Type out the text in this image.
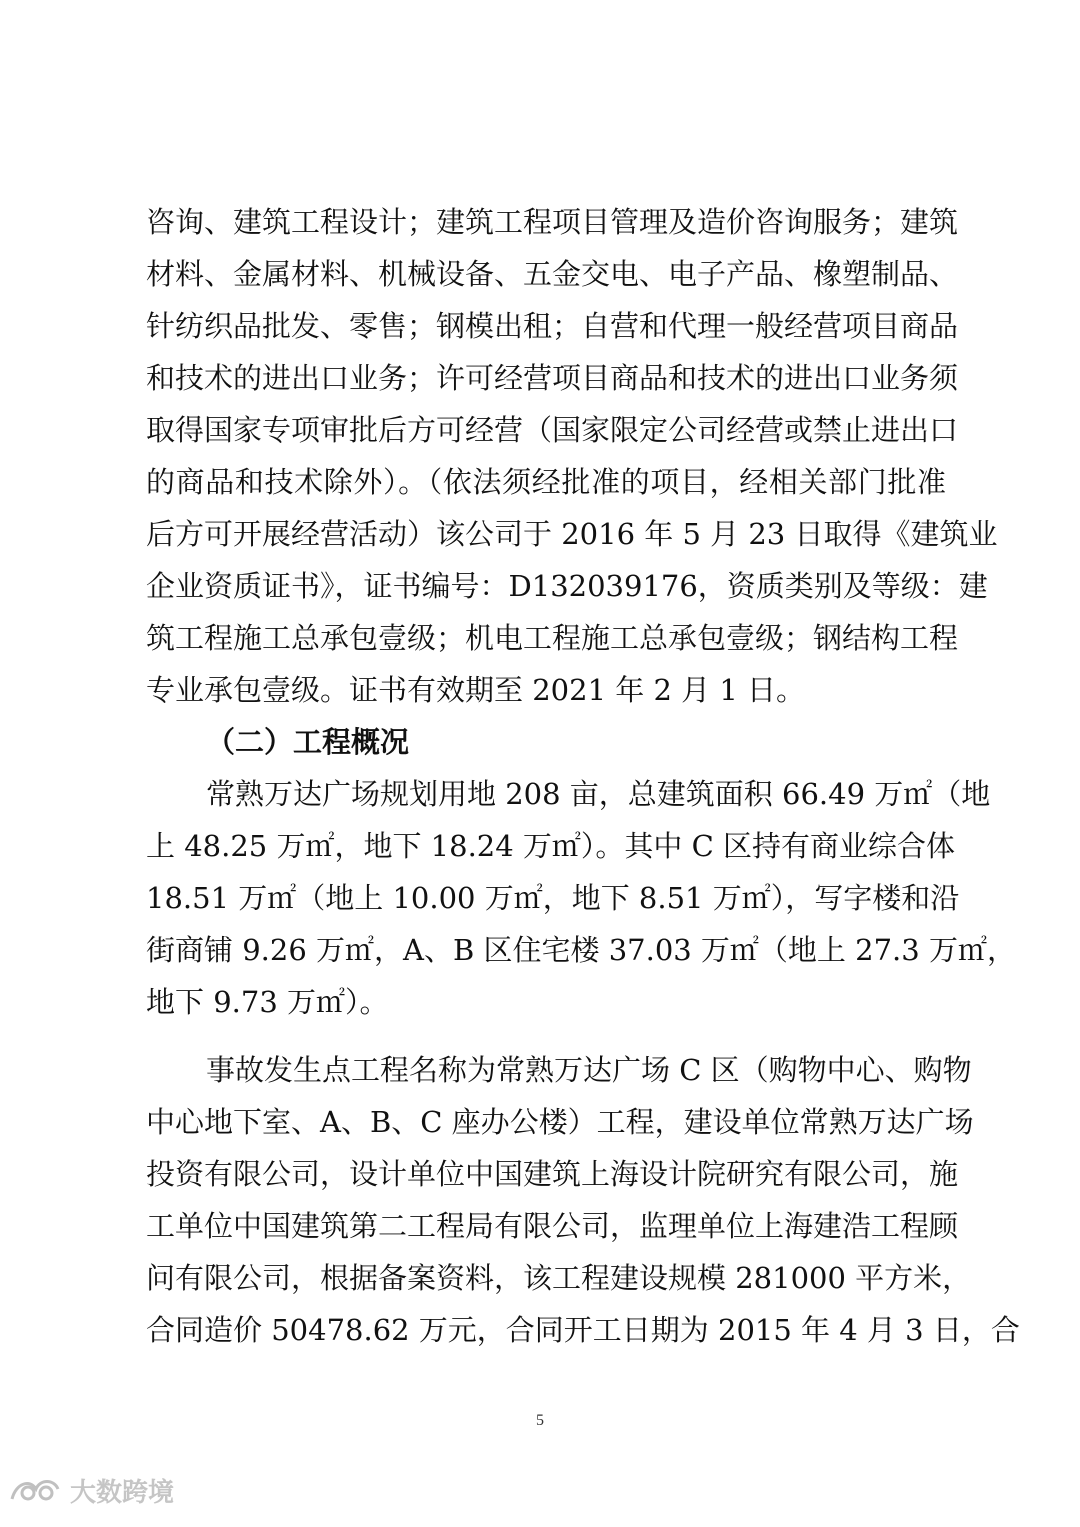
咨询、建筑工程设计；建筑工程项目管理及造价咨询服务；建筑
材料、金属材料、机械设备、五金交电、电子产品、橡塑制品、
针纺织品批发、零售；钢模出租；自营和代理一般经营项目商品
和技术的进出口业务；许可经营项目商品和技术的进出口业务须
取得国家专项审批后方可经营（国家限定公司经营或禁止进出口
的商品和技术除外）。（依法须经批准的项目，经相关部门批准
后方可开展经营活动）该公司于 2016 年 5 月 23 日取得《建筑业
企业资质证书》，证书编号：D132039176，资质类别及等级：建
筑工程施工总承包壹级；机电工程施工总承包壹级；钢结构工程
专业承包壹级。证书有效期至 2021 年 2 月 1 日。
（二）工程概况
常熟万达广场规划用地 208 亩，总建筑面积 66.49 万㎡（地
上 48.25 万㎡，地下 18.24 万㎡）。其中 C 区持有商业综合体
18.51 万㎡（地上 10.00 万㎡，地下 8.51 万㎡），写字楼和沿
街商铺 9.26 万㎡，A、B 区住宅楼 37.03 万㎡（地上 27.3 万㎡，
地下 9.73 万㎡）。
事故发生点工程名称为常熟万达广场 C 区（购物中心、购物
中心地下室、A、B、C 座办公楼）工程，建设单位常熟万达广场
投资有限公司，设计单位中国建筑上海设计院研究有限公司，施
工单位中国建筑第二工程局有限公司，监理单位上海建浩工程顾
问有限公司，根据备案资料，该工程建设规模 281000 平方米，
合同造价 50478.62 万元，合同开工日期为 2015 年 4 月 3 日，合
5
大数跨境
